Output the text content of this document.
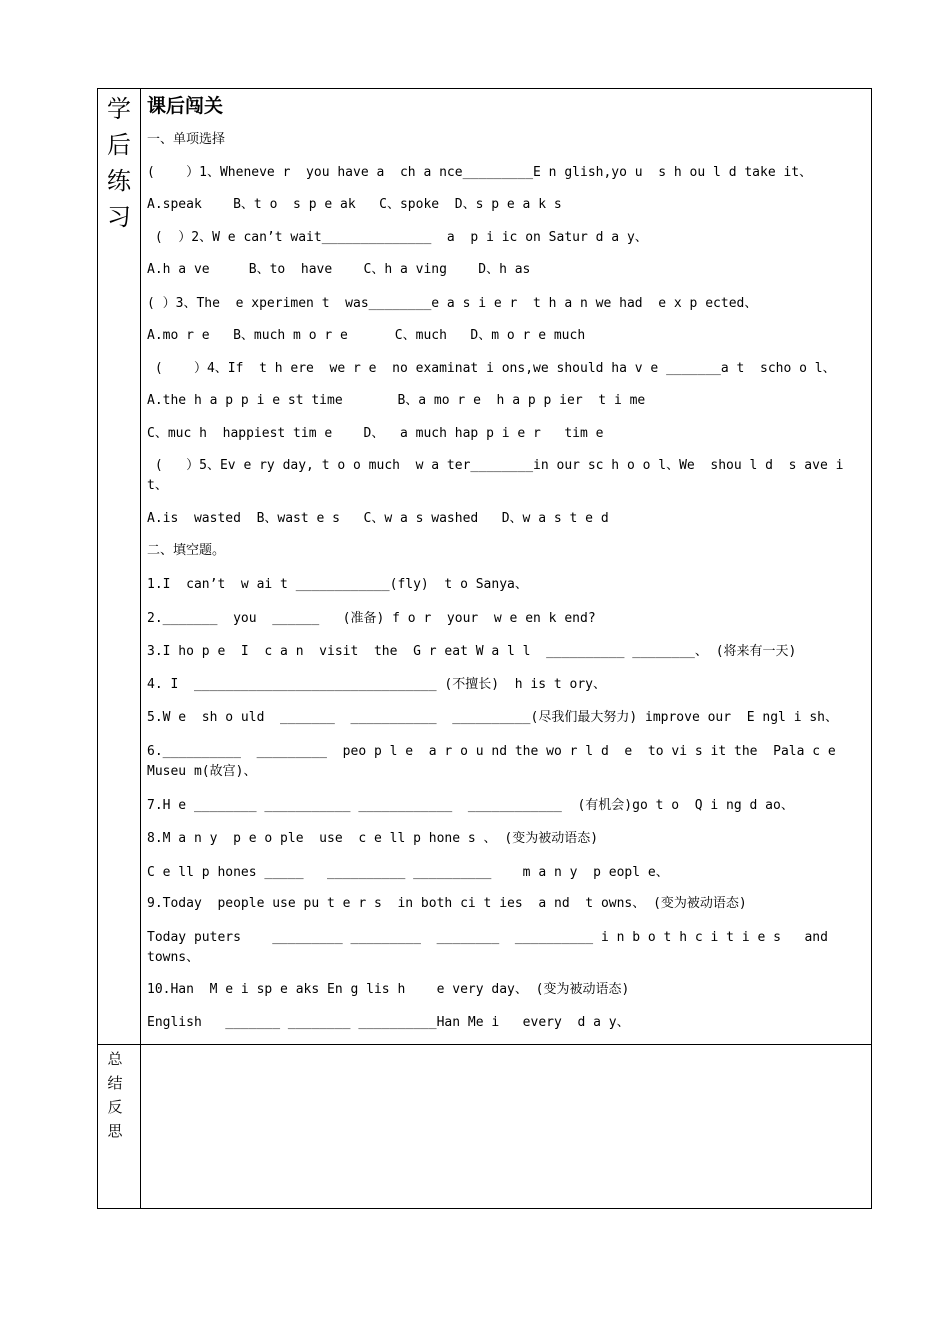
学
后
练
习
总
结
反
思
课后闯关
一、单项选择
(    ）1、Wheneve r  you have a  ch a nce_________E n glish,yo u  s h ou l d take it、
A.speak    B、t o  s p e ak   C、spoke  D、s p e a k s
(  ）2、W e can’t wait______________  a  p i ic on Satur d a y、
A.h a ve     B、to  have    C、h a ving    D、h as
( ）3、The  e xperimen t  was________e a s i e r  t h a n we had  e x p ected、
A.mo r e   B、much m o r e      C、much   D、m o r e much
(    ）4、If  t h ere  we r e  no examinat i ons,we should ha v e _______a t  scho o l、
A.the h a p p i e st time       B、a mo r e  h a p p ier  t i me
C、muc h  happiest tim e    D、  a much hap p i e r   tim e
(   ）5、Ev e ry day, t o o much  w a ter________in our sc h o o l、We  shou l d  s ave i t、
A.is  wasted  B、wast e s   C、w a s washed   D、w a s t e d
二、填空题。
1.I  can’t  w ai t ____________(fly)  t o Sanya、
2._______  you  ______   (准备) f o r  your  w e en k end?
3.I ho p e  I  c a n  visit  the  G r eat W a l l  __________ ________、 (将来有一天)
4. I  _______________________________ (不擅长)  h is t ory、
5.W e  sh o uld  _______  ___________  __________(尽我们最大努力) improve our  E ngl i sh、
6.__________  _________  peo p l e  a r o u nd the wo r l d  e  to vi s it the  Pala c e Museu m(故宫)、
7.H e ________ ___________ ____________  ____________  (有机会)go t o  Q i ng d ao、
8.M a n y  p e o ple  use  c e ll p hone s 、 (变为被动语态)
C e ll p hones _____   __________ __________    m a n y  p eopl e、
9.Today  people use pu t e r s  in both ci t ies  a nd  t owns、 (变为被动语态)
Today puters    _________ _________  ________  __________ i n b o t h c i t i e s   and towns、
10.Han  M e i sp e aks En g lis h    e very day、 (变为被动语态)
English   _______ ________ __________Han Me i   every  d a y、
